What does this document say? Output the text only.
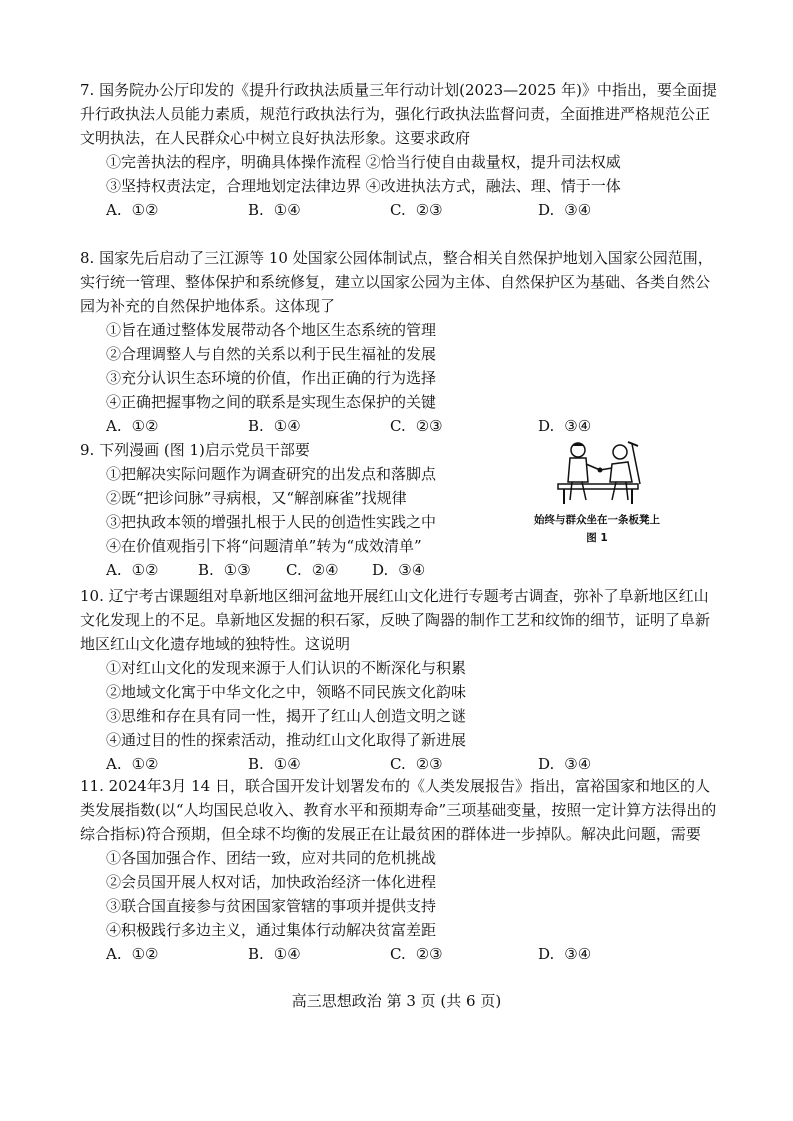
7. 国务院办公厅印发的《提升行政执法质量三年行动计划(2023—2025 年)》中指出，要全面提升行政执法人员能力素质，规范行政执法行为，强化行政执法监督问责，全面推进严格规范公正文明执法，在人民群众心中树立良好执法形象。这要求政府
①完善执法的程序，明确具体操作流程 ②恰当行使自由裁量权，提升司法权威
③坚持权责法定，合理地划定法律边界 ④改进执法方式，融法、理、情于一体
A. ①②	B. ①④	C. ②③	D. ③④
8. 国家先后启动了三江源等 10 处国家公园体制试点，整合相关自然保护地划入国家公园范围，实行统一管理、整体保护和系统修复，建立以国家公园为主体、自然保护区为基础、各类自然公园为补充的自然保护地体系。这体现了
①旨在通过整体发展带动各个地区生态系统的管理
②合理调整人与自然的关系以利于民生福祉的发展
③充分认识生态环境的价值，作出正确的行为选择
④正确把握事物之间的联系是实现生态保护的关键
A. ①②	B. ①④	C. ②③	D. ③④
9. 下列漫画 (图 1)启示党员干部要
①把解决实际问题作为调查研究的出发点和落脚点
②既“把诊问脉”寻病根，又“解剖麻雀”找规律
③把执政本领的增强扎根于人民的创造性实践之中
④在价值观指引下将“问题清单”转为“成效清单”
A. ①②	B. ①③ C. ②④ D. ③④
始终与群众坐在一条板凳上
图 1
10. 辽宁考古课题组对阜新地区细河盆地开展红山文化进行专题考古调查，弥补了阜新地区红山文化发现上的不足。阜新地区发掘的积石冢，反映了陶器的制作工艺和纹饰的细节，证明了阜新地区红山文化遗存地域的独特性。这说明
①对红山文化的发现来源于人们认识的不断深化与积累
②地域文化寓于中华文化之中，领略不同民族文化韵味
③思维和存在具有同一性，揭开了红山人创造文明之谜
④通过目的性的探索活动，推动红山文化取得了新进展
A. ①②	B. ①④	C. ②③	D. ③④
11. 2024年3月 14 日，联合国开发计划署发布的《人类发展报告》指出，富裕国家和地区的人类发展指数(以“人均国民总收入、教育水平和预期寿命”三项基础变量，按照一定计算方法得出的综合指标)符合预期，但全球不均衡的发展正在让最贫困的群体进一步掉队。解决此问题，需要
①各国加强合作、团结一致，应对共同的危机挑战
②会员国开展人权对话，加快政治经济一体化进程
③联合国直接参与贫困国家管辖的事项并提供支持
④积极践行多边主义，通过集体行动解决贫富差距
A. ①②	B. ①④	C. ②③	D. ③④
高三思想政治 第 3 页 (共 6 页)
